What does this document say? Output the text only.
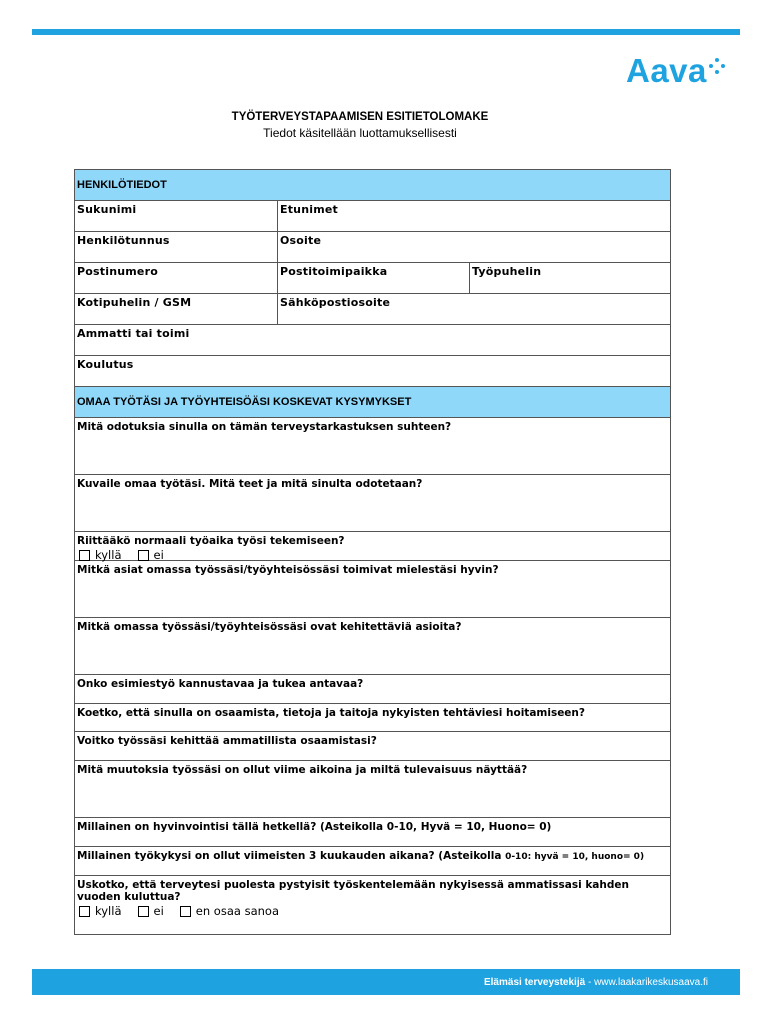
Aava
TYÖTERVEYSTAPAAMISEN ESITIETOLOMAKE
Tiedot käsitellään luottamuksellisesti
HENKILÖTIEDOT
Sukunimi	Etunimet
Henkilötunnus	Osoite
Postinumero	Postitoimipaikka	Työpuhelin
Kotipuhelin / GSM	Sähköpostiosoite
Ammatti tai toimi
Koulutus
OMAA TYÖTÄSI JA TYÖYHTEISÖÄSI KOSKEVAT KYSYMYKSET
Mitä odotuksia sinulla on tämän terveystarkastuksen suhteen?
Kuvaile omaa työtäsi. Mitä teet ja mitä sinulta odotetaan?
Riittääkö normaali työaika työsi tekemiseen?
kyllä	ei
Mitkä asiat omassa työssäsi/työyhteisössäsi toimivat mielestäsi hyvin?
Mitkä omassa työssäsi/työyhteisössäsi ovat kehitettäviä asioita?
Onko esimiestyö kannustavaa ja tukea antavaa?
Koetko, että sinulla on osaamista, tietoja ja taitoja nykyisten tehtäviesi hoitamiseen?
Voitko työssäsi kehittää ammatillista osaamistasi?
Mitä muutoksia työssäsi on ollut viime aikoina ja miltä tulevaisuus näyttää?
Millainen on hyvinvointisi tällä hetkellä? (Asteikolla 0-10, Hyvä = 10, Huono= 0)
Millainen työkykysi on ollut viimeisten 3 kuukauden aikana? (Asteikolla 0-10: hyvä = 10, huono= 0)
Uskotko, että terveytesi puolesta pystyisit työskentelemään nykyisessä ammatissasi kahden vuoden kuluttua?
kyllä	ei	en osaa sanoa
Elämäsi terveystekijä - www.laakarikeskusaava.fi
